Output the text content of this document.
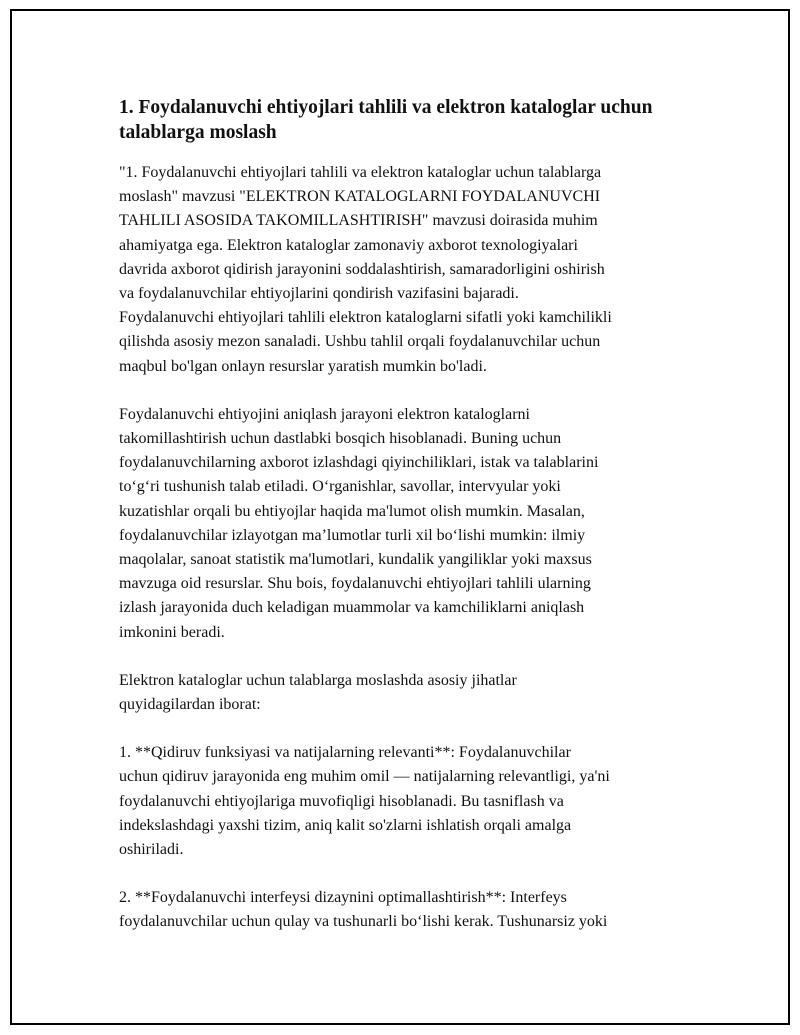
1. Foydalanuvchi ehtiyojlari tahlili va elektron kataloglar uchun talablarga moslash

"1. Foydalanuvchi ehtiyojlari tahlili va elektron kataloglar uchun talablarga
moslash" mavzusi "ELEKTRON KATALOGLARNI FOYDALANUVCHI
TAHLILI ASOSIDA TAKOMILLASHTIRISH" mavzusi doirasida muhim
ahamiyatga ega. Elektron kataloglar zamonaviy axborot texnologiyalari
davrida axborot qidirish jarayonini soddalashtirish, samaradorligini oshirish
va foydalanuvchilar ehtiyojlarini qondirish vazifasini bajaradi.
Foydalanuvchi ehtiyojlari tahlili elektron kataloglarni sifatli yoki kamchilikli
qilishda asosiy mezon sanaladi. Ushbu tahlil orqali foydalanuvchilar uchun
maqbul bo'lgan onlayn resurslar yaratish mumkin bo'ladi.

Foydalanuvchi ehtiyojini aniqlash jarayoni elektron kataloglarni
takomillashtirish uchun dastlabki bosqich hisoblanadi. Buning uchun
foydalanuvchilarning axborot izlashdagi qiyinchiliklari, istak va talablarini
to‘g‘ri tushunish talab etiladi. O‘rganishlar, savollar, intervyular yoki
kuzatishlar orqali bu ehtiyojlar haqida ma'lumot olish mumkin. Masalan,
foydalanuvchilar izlayotgan ma’lumotlar turli xil bo‘lishi mumkin: ilmiy
maqolalar, sanoat statistik ma'lumotlari, kundalik yangiliklar yoki maxsus
mavzuga oid resurslar. Shu bois, foydalanuvchi ehtiyojlari tahlili ularning
izlash jarayonida duch keladigan muammolar va kamchiliklarni aniqlash
imkonini beradi.

Elektron kataloglar uchun talablarga moslashda asosiy jihatlar
quyidagilardan iborat:

1. **Qidiruv funksiyasi va natijalarning relevanti**: Foydalanuvchilar
uchun qidiruv jarayonida eng muhim omil — natijalarning relevantligi, ya'ni
foydalanuvchi ehtiyojlariga muvofiqligi hisoblanadi. Bu tasniflash va
indekslashdagi yaxshi tizim, aniq kalit so'zlarni ishlatish orqali amalga
oshiriladi.

2. **Foydalanuvchi interfeysi dizaynini optimallashtirish**: Interfeys
foydalanuvchilar uchun qulay va tushunarli bo‘lishi kerak. Tushunarsiz yoki
